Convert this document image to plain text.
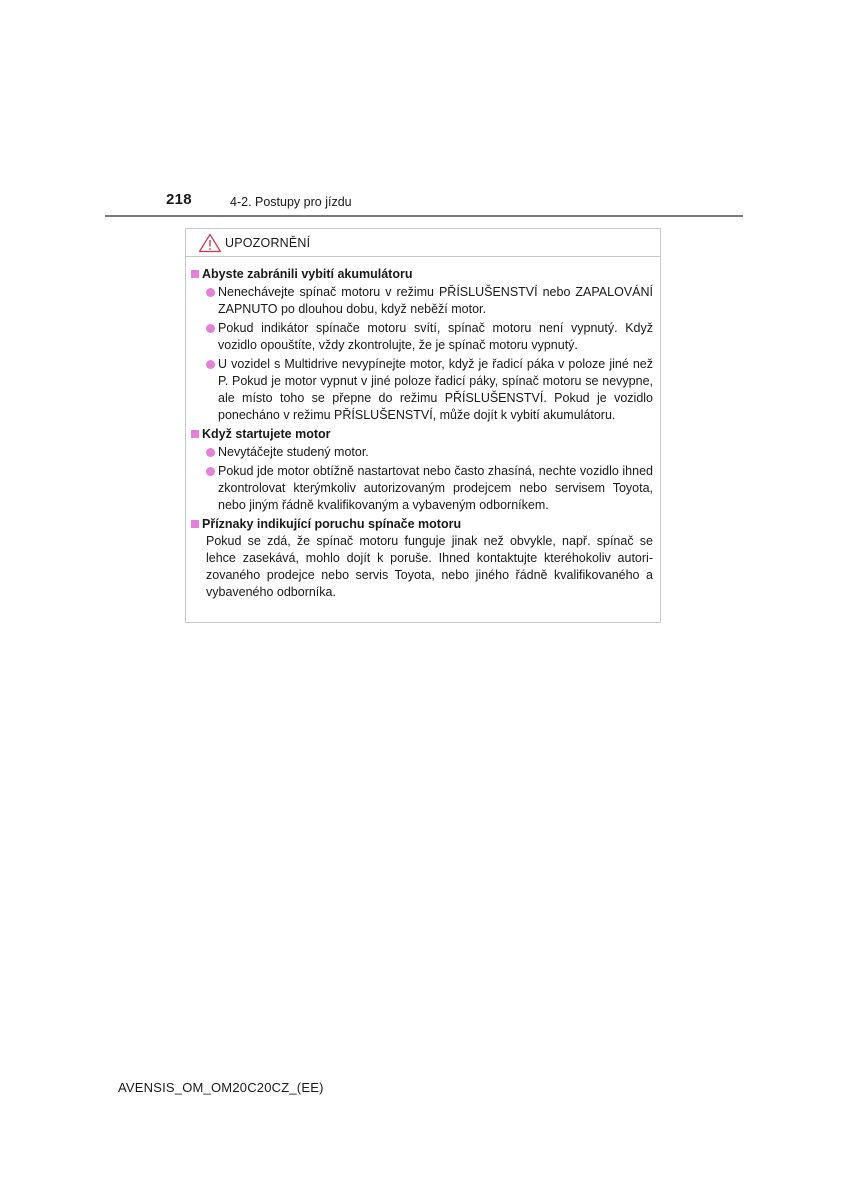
218	4-2. Postupy pro jízdu
UPOZORNĚNÍ
Abyste zabránili vybití akumulátoru
Nenechávejte spínač motoru v režimu PŘÍSLUŠENSTVÍ nebo ZAPALOVÁNÍ ZAPNUTO po dlouhou dobu, když neběží motor.
Pokud indikátor spínače motoru svítí, spínač motoru není vypnutý. Když vozidlo opouštíte, vždy zkontrolujte, že je spínač motoru vypnutý.
U vozidel s Multidrive nevypínejte motor, když je řadicí páka v poloze jiné než P. Pokud je motor vypnut v jiné poloze řadicí páky, spínač motoru se nevypne, ale místo toho se přepne do režimu PŘÍSLUŠENSTVÍ. Pokud je vozidlo ponecháno v režimu PŘÍSLUŠENSTVÍ, může dojít k vybití akumulátoru.
Když startujete motor
Nevytáčejte studený motor.
Pokud jde motor obtížně nastartovat nebo často zhasíná, nechte vozidlo ihned zkontrolovat kterýmkoliv autorizovaným prodejcem nebo servisem Toyota, nebo jiným řádně kvalifikovaným a vybaveným odborníkem.
Příznaky indikující poruchu spínače motoru
Pokud se zdá, že spínač motoru funguje jinak než obvykle, např. spínač se lehce zasekává, mohlo dojít k poruše. Ihned kontaktujte kteréhokoliv autorizovaného prodejce nebo servis Toyota, nebo jiného řádně kvalifikovaného a vybaveného odborníka.
AVENSIS_OM_OM20C20CZ_(EE)
